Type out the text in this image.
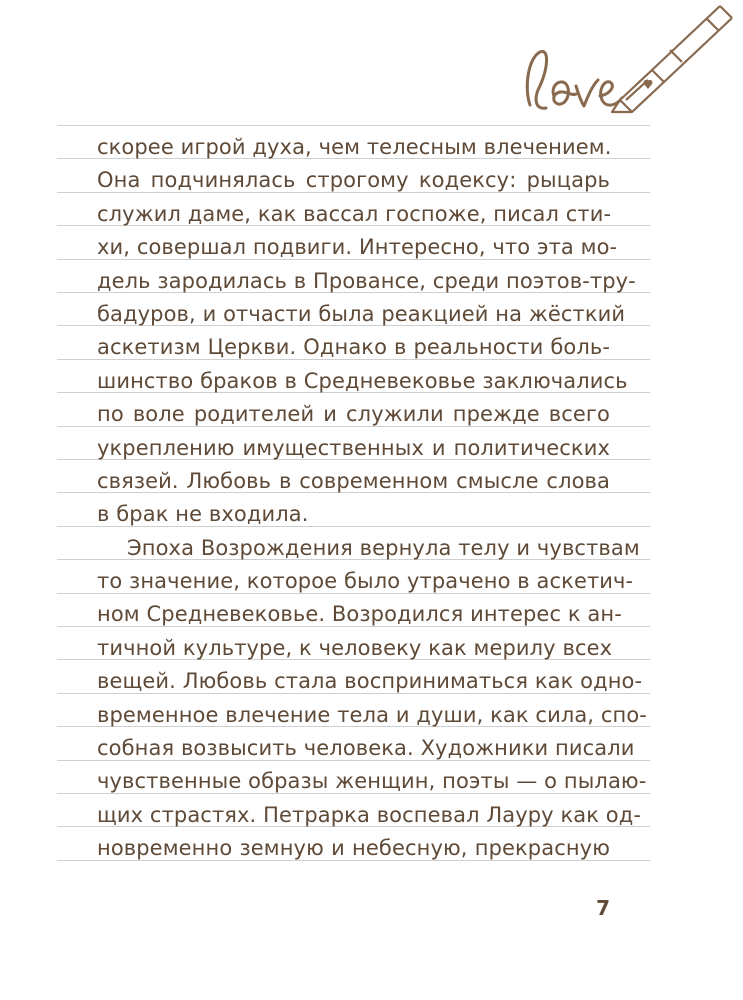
скорее игрой духа, чем телесным влечением.
Она подчинялась строгому кодексу: рыцарь
служил даме, как вассал госпоже, писал сти-
хи, совершал подвиги. Интересно, что эта мо-
дель зародилась в Провансе, среди поэтов-тру-
бадуров, и отчасти была реакцией на жёсткий
аскетизм Церкви. Однако в реальности боль-
шинство браков в Средневековье заключались
по воле родителей и служили прежде всего
укреплению имущественных и политических
связей. Любовь в современном смысле слова
в брак не входила.
Эпоха Возрождения вернула телу и чувствам
то значение, которое было утрачено в аскетич-
ном Средневековье. Возродился интерес к ан-
тичной культуре, к человеку как мерилу всех
вещей. Любовь стала восприниматься как одно-
временное влечение тела и души, как сила, спо-
собная возвысить человека. Художники писали
чувственные образы женщин, поэты — о пылаю-
щих страстях. Петрарка воспевал Лауру как од-
новременно земную и небесную, прекрасную
7
